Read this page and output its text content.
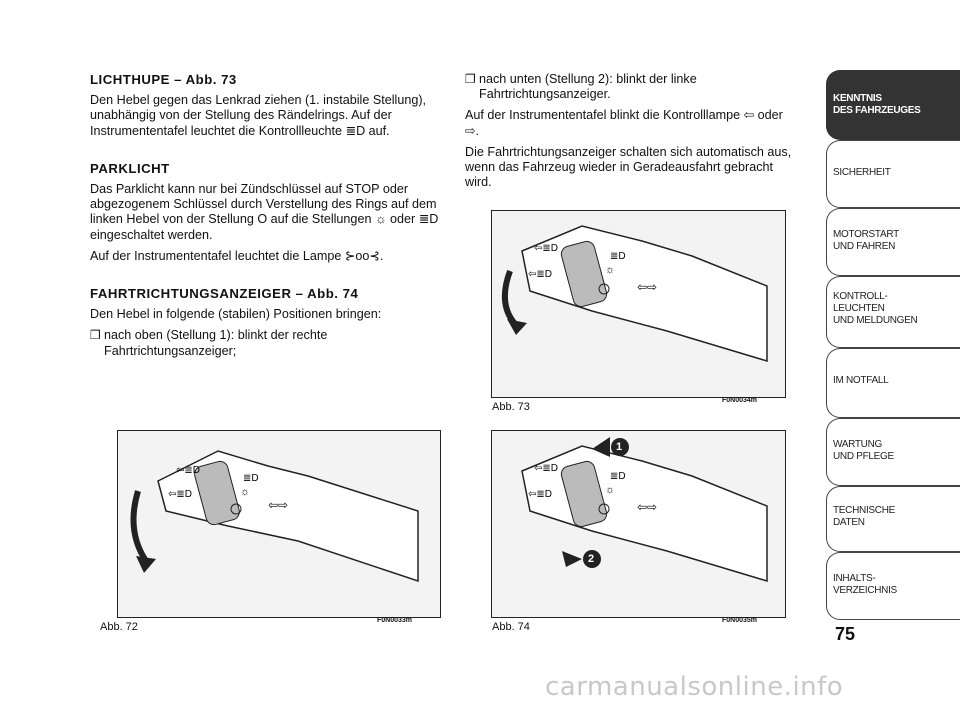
LICHTHUPE – Abb. 73

Den Hebel gegen das Lenkrad ziehen (1. instabile Stellung), unabhängig von der Stellung des Rändelrings. Auf der Instrumententafel leuchtet die Kontrollleuchte ≣D auf.

PARKLICHT

Das Parklicht kann nur bei Zündschlüssel auf STOP oder abgezogenem Schlüssel durch Verstellung des Rings auf dem linken Hebel von der Stellung O auf die Stellungen ☼ oder ≣D eingeschaltet werden.

Auf der Instrumententafel leuchtet die Lampe ⊱oo⊰.

FAHRTRICHTUNGSANZEIGER – Abb. 74

Den Hebel in folgende (stabilen) Positionen bringen:

❒ nach oben (Stellung 1): blinkt der rechte Fahrtrichtungsanzeiger;
❒ nach unten (Stellung 2): blinkt der linke Fahrtrichtungsanzeiger.

Auf der Instrumententafel blinkt die Kontrolllampe ⇦ oder ⇨.

Die Fahrtrichtungsanzeiger schalten sich automatisch aus, wenn das Fahrzeug wieder in Geradeausfahrt gebracht wird.

⇦≣D
⇦≣D
≣D
☼
⇦⇨
Abb. 72
F0N0033m
⇦≣D
⇦≣D
≣D
☼
⇦⇨
Abb. 73
F0N0034m
⇦≣D
⇦≣D
≣D
☼
⇦⇨
1
2
Abb. 74
F0N0035m
KENNTNIS
DES FAHRZEUGES
SICHERHEIT
MOTORSTART
UND FAHREN
KONTROLL-
LEUCHTEN
UND MELDUNGEN
IM NOTFALL
WARTUNG
UND PFLEGE
TECHNISCHE
DATEN
INHALTS-
VERZEICHNIS
75
carmanualsonline.info
